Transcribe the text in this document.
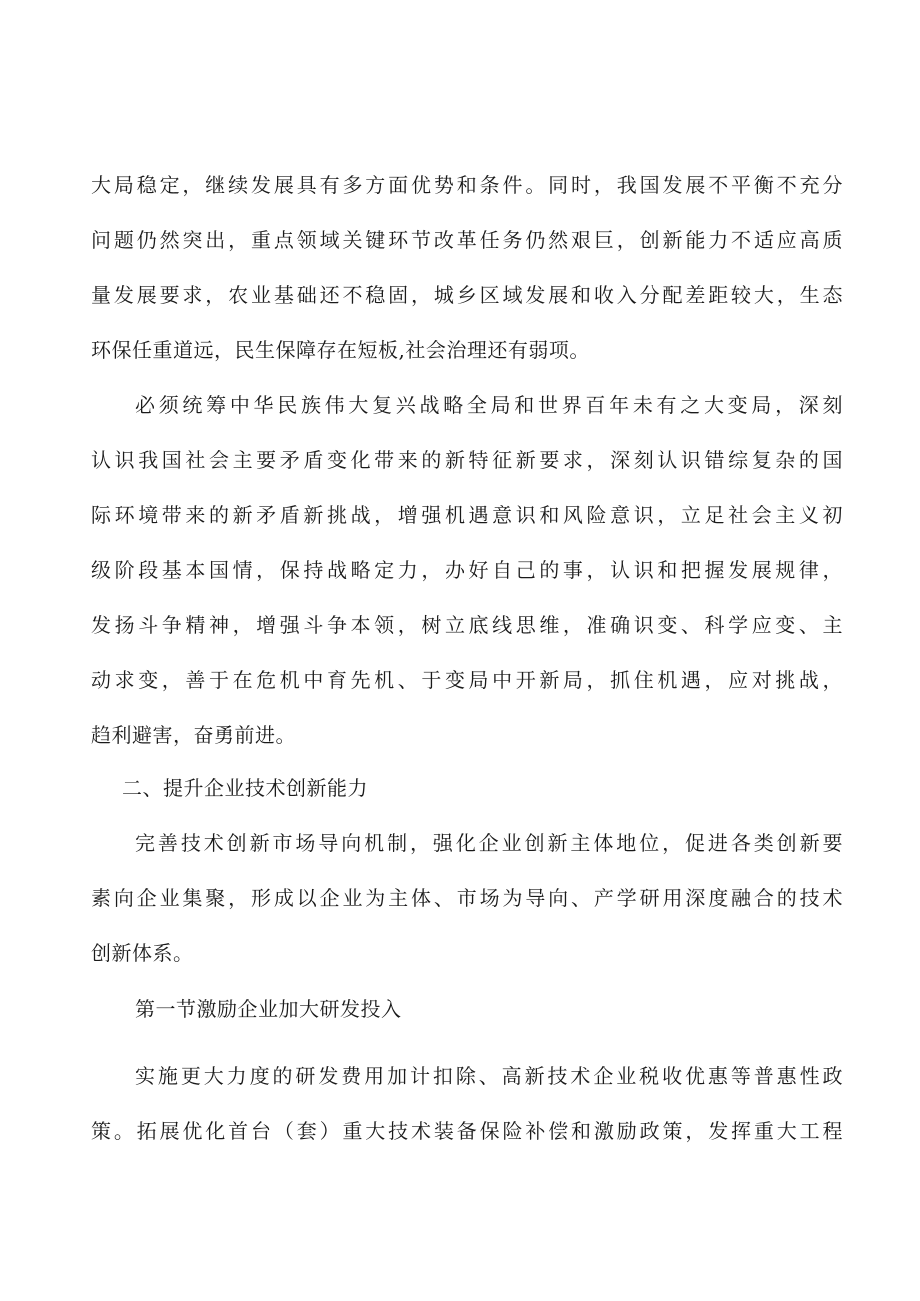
大局稳定，继续发展具有多方面优势和条件。同时，我国发展不平衡不充分
问题仍然突出，重点领域关键环节改革任务仍然艰巨，创新能力不适应高质
量发展要求，农业基础还不稳固，城乡区域发展和收入分配差距较大，生态
环保任重道远，民生保障存在短板,社会治理还有弱项。
必须统筹中华民族伟大复兴战略全局和世界百年未有之大变局，深刻
认识我国社会主要矛盾变化带来的新特征新要求，深刻认识错综复杂的国
际环境带来的新矛盾新挑战，增强机遇意识和风险意识，立足社会主义初
级阶段基本国情，保持战略定力，办好自己的事，认识和把握发展规律，
发扬斗争精神，增强斗争本领，树立底线思维，准确识变、科学应变、主
动求变，善于在危机中育先机、于变局中开新局，抓住机遇，应对挑战，
趋利避害，奋勇前进。
二、提升企业技术创新能力
完善技术创新市场导向机制，强化企业创新主体地位，促进各类创新要
素向企业集聚，形成以企业为主体、市场为导向、产学研用深度融合的技术
创新体系。
第一节激励企业加大研发投入
实施更大力度的研发费用加计扣除、高新技术企业税收优惠等普惠性政
策。拓展优化首台（套）重大技术装备保险补偿和激励政策，发挥重大工程
